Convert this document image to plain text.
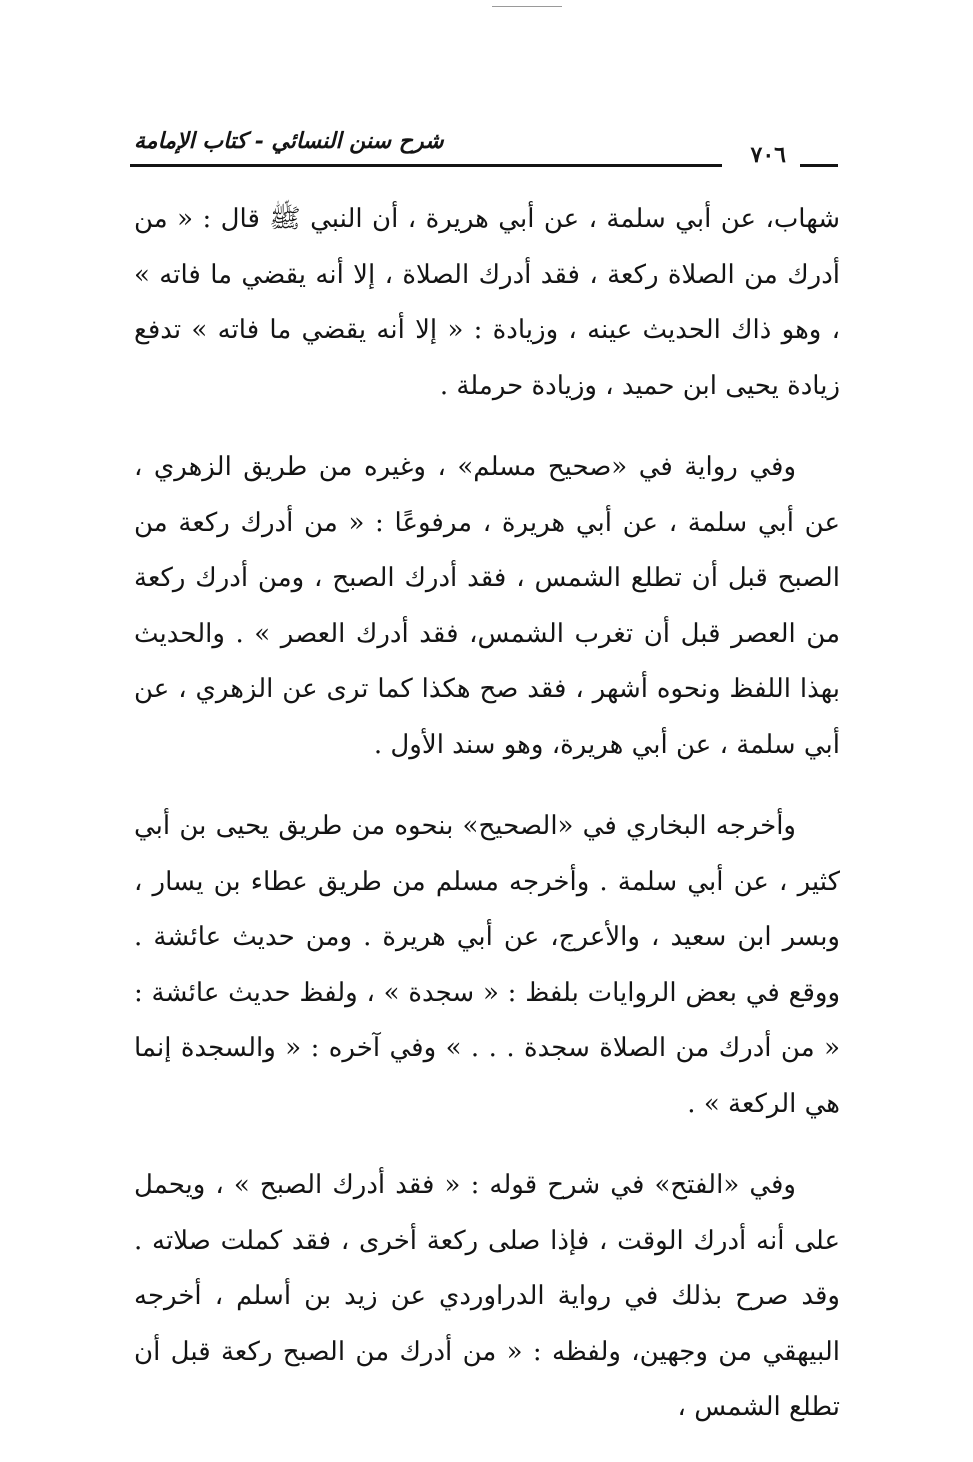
شرح سنن النسائي - كتاب الإمامة
٧٠٦

شهاب، عن أبي سلمة ، عن أبي هريرة ، أن النبي ﷺ قال : « من أدرك من الصلاة ركعة ، فقد أدرك الصلاة ، إلا أنه يقضي ما فاته » ، وهو ذاك الحديث عينه ، وزيادة : « إلا أنه يقضي ما فاته » تدفع زيادة يحيى ابن حميد ، وزيادة حرملة .

وفي رواية في «صحيح مسلم» ، وغيره من طريق الزهري ، عن أبي سلمة ، عن أبي هريرة ، مرفوعًا : « من أدرك ركعة من الصبح قبل أن تطلع الشمس ، فقد أدرك الصبح ، ومن أدرك ركعة من العصر قبل أن تغرب الشمس، فقد أدرك العصر » . والحديث بهذا اللفظ ونحوه أشهر ، فقد صح هكذا كما ترى عن الزهري ، عن أبي سلمة ، عن أبي هريرة، وهو سند الأول .

وأخرجه البخاري في «الصحيح» بنحوه من طريق يحيى بن أبي كثير ، عن أبي سلمة . وأخرجه مسلم من طريق عطاء بن يسار ، وبسر ابن سعيد ، والأعرج، عن أبي هريرة . ومن حديث عائشة . ووقع في بعض الروايات بلفظ : « سجدة » ، ولفظ حديث عائشة : « من أدرك من الصلاة سجدة . . . » وفي آخره : « والسجدة إنما هي الركعة » .

وفي «الفتح» في شرح قوله : « فقد أدرك الصبح » ، ويحمل على أنه أدرك الوقت ، فإذا صلى ركعة أخرى ، فقد كملت صلاته . وقد صرح بذلك في رواية الدراوردي عن زيد بن أسلم ، أخرجه البيهقي من وجهين، ولفظه : « من أدرك من الصبح ركعة قبل أن تطلع الشمس ،
